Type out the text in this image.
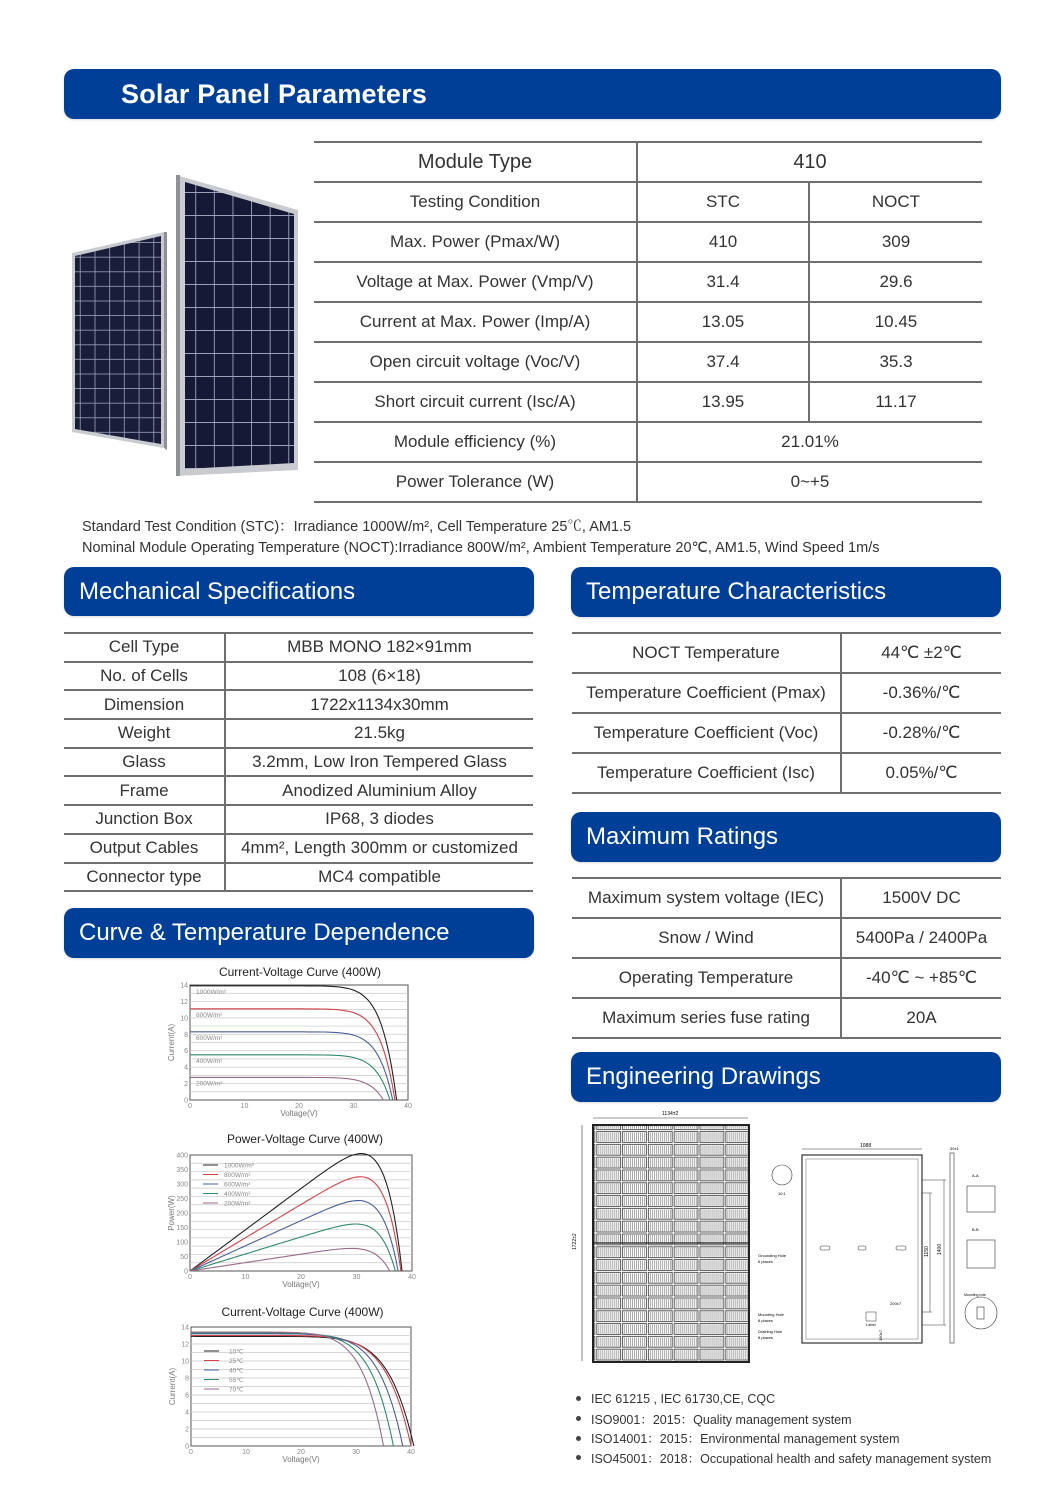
Solar Panel Parameters
Module Type	410	
Testing Condition	STC	NOCT
Max. Power (Pmax/W)	410	309
Voltage at Max. Power (Vmp/V)	31.4	29.6
Current at Max. Power (Imp/A)	13.05	10.45
Open circuit voltage (Voc/V)	37.4	35.3
Short circuit current (Isc/A)	13.95	11.17
Module efficiency (%)	21.01%	
Power Tolerance (W)	0~+5	
Standard Test Condition (STC)：Irradiance 1000W/m², Cell Temperature 25℃, AM1.5
Nominal Module Operating Temperature (NOCT):Irradiance 800W/m², Ambient Temperature 20℃, AM1.5, Wind Speed 1m/s
Mechanical Specifications
Cell Type	MBB MONO 182×91mm
No. of Cells	108 (6×18)
Dimension	1722x1134x30mm
Weight	21.5kg
Glass	3.2mm, Low Iron Tempered Glass
Frame	Anodized Aluminium Alloy
Junction Box	IP68, 3 diodes
Output Cables	4mm², Length 300mm or customized
Connector type	MC4 compatible
Temperature Characteristics
NOCT Temperature	44℃ ±2℃
Temperature Coefficient (Pmax)	-0.36%/℃
Temperature Coefficient (Voc)	-0.28%/℃
Temperature Coefficient (Isc)	0.05%/℃
Maximum Ratings
Maximum system voltage (IEC)	1500V DC
Snow / Wind	5400Pa / 2400Pa
Operating Temperature	-40℃ ~ +85℃
Maximum series fuse rating	20A
Curve & Temperature Dependence
Current-Voltage Curve (400W)
0
2
4
6
8
10
12
14
0	10	20	30	40
Voltage(V)
Current(A)
1000W/m²
800W/m²
600W/m²
400W/m²
200W/m²
Power-Voltage Curve (400W)
0
50
100
150
200
250
300
350
400
0	10	20	30	40
Voltage(V)
Power(W)
1000W/m²
800W/m²
600W/m²
400W/m²
200W/m²
Current-Voltage Curve (400W)
0
2
4
6
8
10
12
14
0	10	20	30	40
Voltage(V)
Current(A)
10℃
25℃
40℃
55℃
70℃
Engineering Drawings
1134±2
1722±2
1088
1400
1150
Label
200±7
150±7
10:1
Grounding Hole
6 places
Mounting Hole
8 places
Draining Hole
8 places
30±1
A-A
B-B
Mounting hole
IEC 61215 , IEC 61730,CE, CQC
ISO9001：2015：Quality management system
ISO14001：2015：Environmental management system
ISO45001：2018：Occupational health and safety management system
